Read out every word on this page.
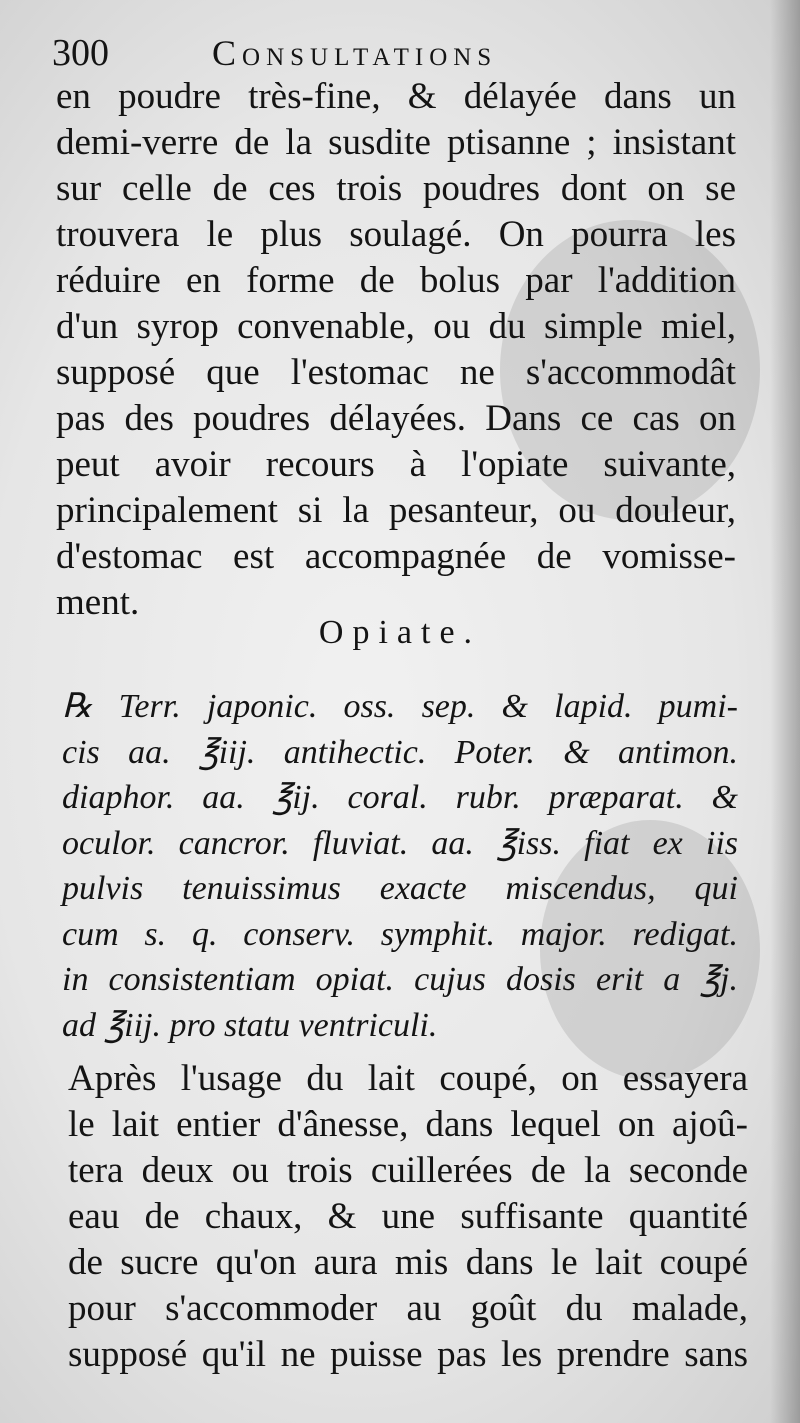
300	Consultations
en poudre très-fine, & délayée dans un
demi-verre de la susdite ptisanne ; insistant
sur celle de ces trois poudres dont on se
trouvera le plus soulagé. On pourra les
réduire en forme de bolus par l'addition
d'un syrop convenable, ou du simple miel,
supposé que l'estomac ne s'accommodât
pas des poudres délayées. Dans ce cas on
peut avoir recours à l'opiate suivante,
principalement si la pesanteur, ou douleur,
d'estomac est accompagnée de vomisse-
ment.
Opiate.
℞ Terr. japonic. oss. sep. & lapid. pumi-
cis aa. ℥iij. antihectic. Poter. & antimon.
diaphor. aa. ℥ij. coral. rubr. præparat. &
oculor. cancror. fluviat. aa. ℥iss. fiat ex iis
pulvis tenuissimus exacte miscendus, qui
cum s. q. conserv. symphit. major. redigat.
in consistentiam opiat. cujus dosis erit a ℥j.
ad ℥iij. pro statu ventriculi.
Après l'usage du lait coupé, on essayera
le lait entier d'ânesse, dans lequel on ajoû-
tera deux ou trois cuillerées de la seconde
eau de chaux, & une suffisante quantité
de sucre qu'on aura mis dans le lait coupé
pour s'accommoder au goût du malade,
supposé qu'il ne puisse pas les prendre sans
